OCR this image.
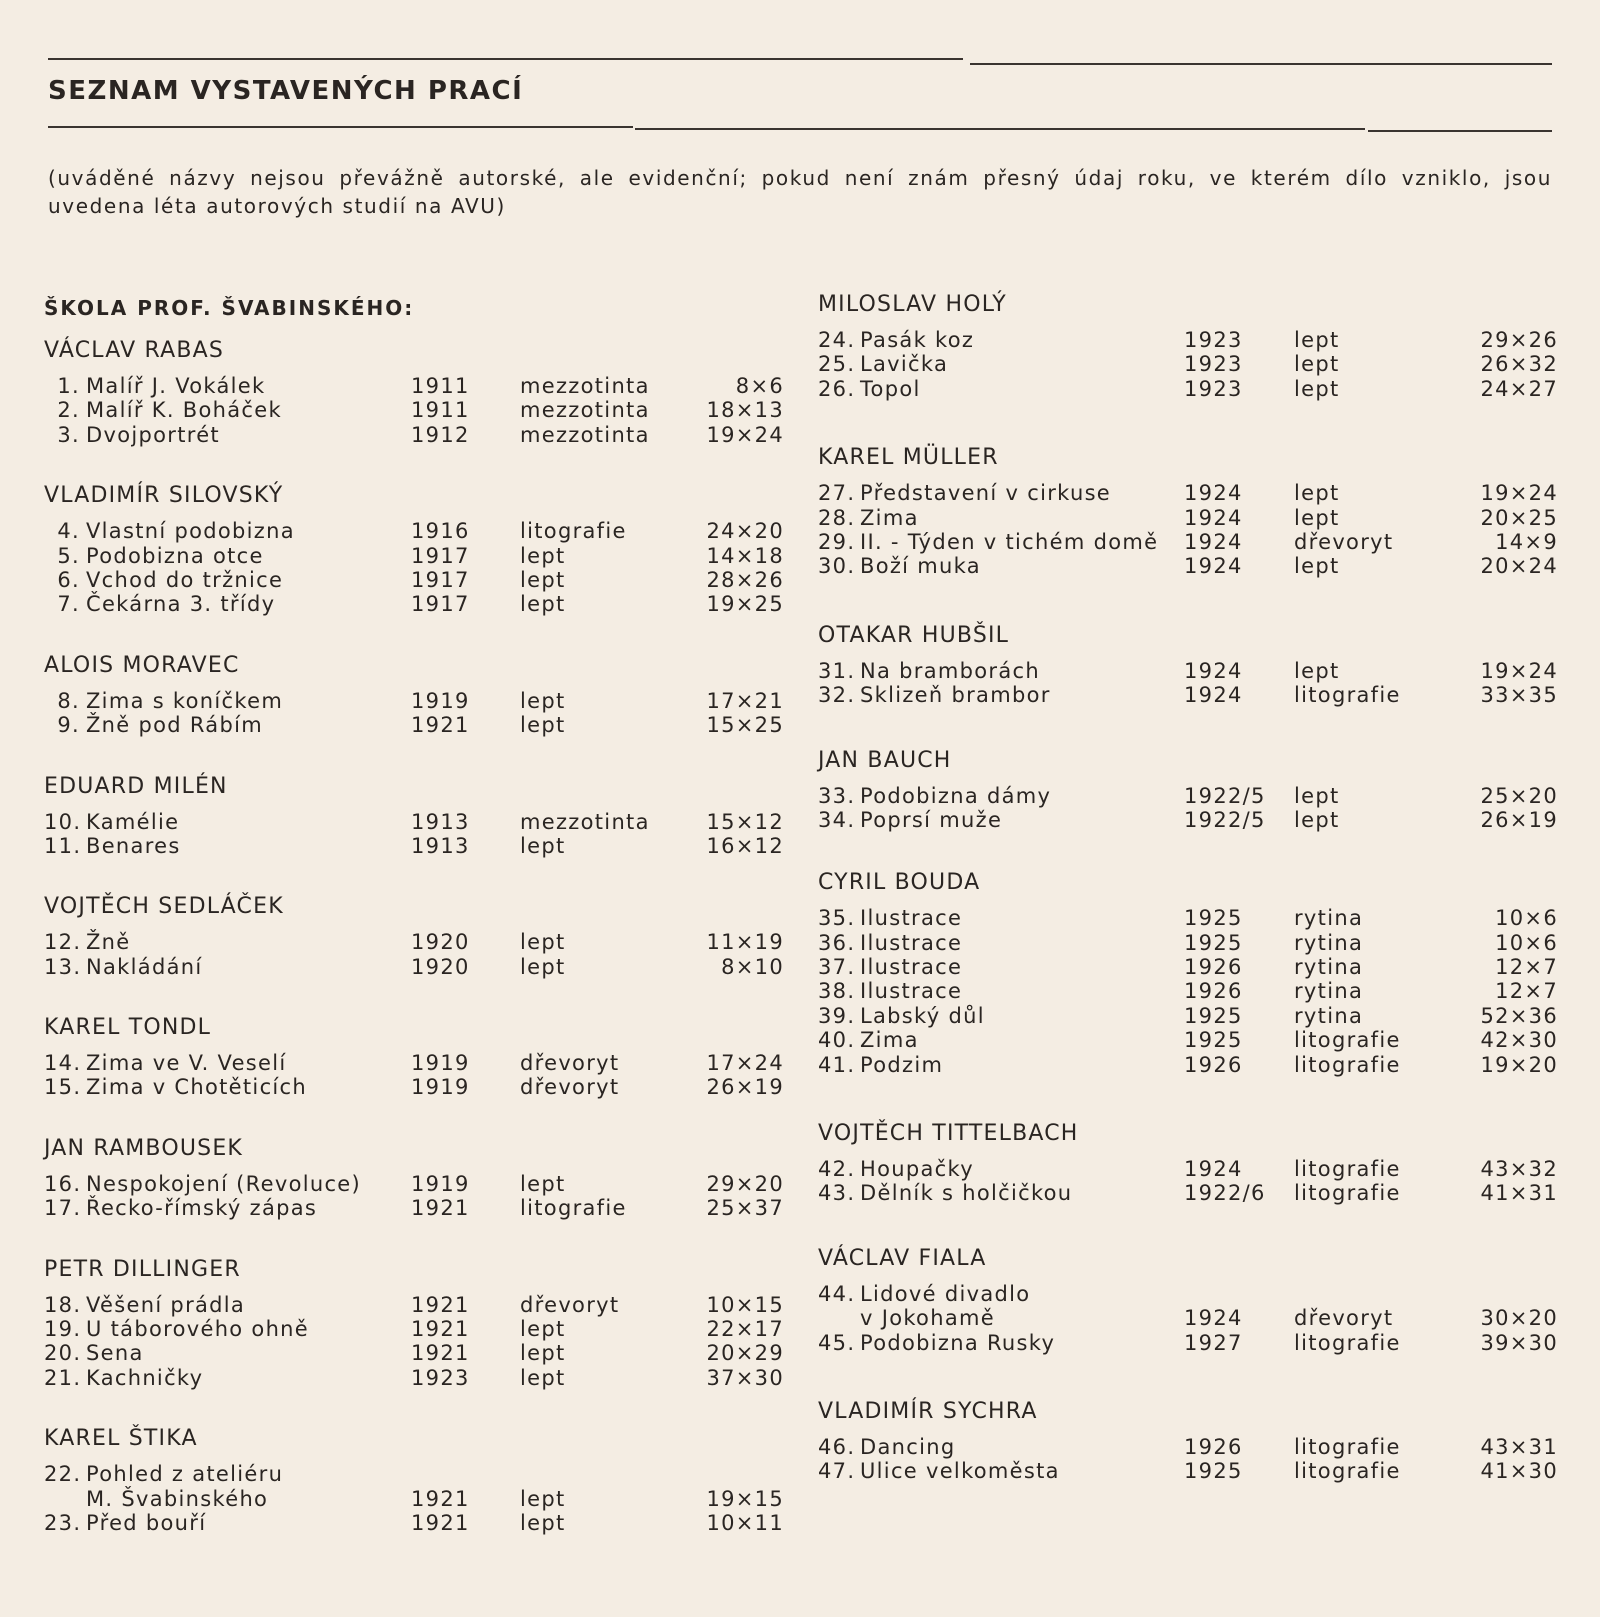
SEZNAM VYSTAVENÝCH PRACÍ
(uváděné názvy nejsou převážně autorské, ale evidenční; pokud není znám přesný údaj roku, ve kterém dílo vzniklo, jsou uvedena léta autorových studií na AVU)
ŠKOLA PROF. ŠVABINSKÉHO:
VÁCLAV RABAS
1. Malíř J. Vokálek	1911 mezzotinta	8×6
2. Malíř K. Boháček	1911 mezzotinta	18×13
3. Dvojportrét	1912 mezzotinta	19×24
VLADIMÍR SILOVSKÝ
4. Vlastní podobizna	1916 litografie	24×20
5. Podobizna otce	1917 lept	14×18
6. Vchod do tržnice	1917 lept	28×26
7. Čekárna 3. třídy	1917 lept	19×25
ALOIS MORAVEC
8. Zima s koníčkem	1919 lept	17×21
9. Žně pod Rábím	1921 lept	15×25
EDUARD MILÉN
10. Kamélie	1913 mezzotinta	15×12
11. Benares	1913 lept	16×12
VOJTĚCH SEDLÁČEK
12. Žně	1920 lept	11×19
13. Nakládání	1920 lept	8×10
KAREL TONDL
14. Zima ve V. Veselí	1919 dřevoryt	17×24
15. Zima v Chotěticích	1919 dřevoryt	26×19
JAN RAMBOUSEK
16. Nespokojení (Revoluce) 1919 lept	29×20
17. Řecko-římský zápas	1921 litografie	25×37
PETR DILLINGER
18. Věšení prádla	1921 dřevoryt	10×15
19. U táborového ohně	1921 lept	22×17
20. Sena	1921 lept	20×29
21. Kachničky	1923 lept	37×30
KAREL ŠTIKA
22. Pohled z ateliéru
M. Švabinského	1921 lept	19×15
23. Před bouří	1921 lept	10×11
MILOSLAV HOLÝ
24. Pasák koz	1923 lept	29×26
25. Lavička	1923 lept	26×32
26. Topol	1923 lept	24×27
KAREL MÜLLER
27. Představení v cirkuse	1924 lept	19×24
28. Zima	1924 lept	20×25
29. II. - Týden v tichém domě 1924 dřevoryt	14×9
30. Boží muka	1924 lept	20×24
OTAKAR HUBŠIL
31. Na bramborách	1924 lept	19×24
32. Sklizeň brambor	1924 litografie	33×35
JAN BAUCH
33. Podobizna dámy	1922/5 lept	25×20
34. Poprsí muže	1922/5 lept	26×19
CYRIL BOUDA
35. Ilustrace	1925 rytina	10×6
36. Ilustrace	1925 rytina	10×6
37. Ilustrace	1926 rytina	12×7
38. Ilustrace	1926 rytina	12×7
39. Labský důl	1925 rytina	52×36
40. Zima	1925 litografie	42×30
41. Podzim	1926 litografie	19×20
VOJTĚCH TITTELBACH
42. Houpačky	1924 litografie	43×32
43. Dělník s holčičkou	1922/6 litografie	41×31
VÁCLAV FIALA
44. Lidové divadlo
v Jokohamě	1924 dřevoryt	30×20
45. Podobizna Rusky	1927 litografie	39×30
VLADIMÍR SYCHRA
46. Dancing	1926 litografie	43×31
47. Ulice velkoměsta	1925 litografie	41×30
